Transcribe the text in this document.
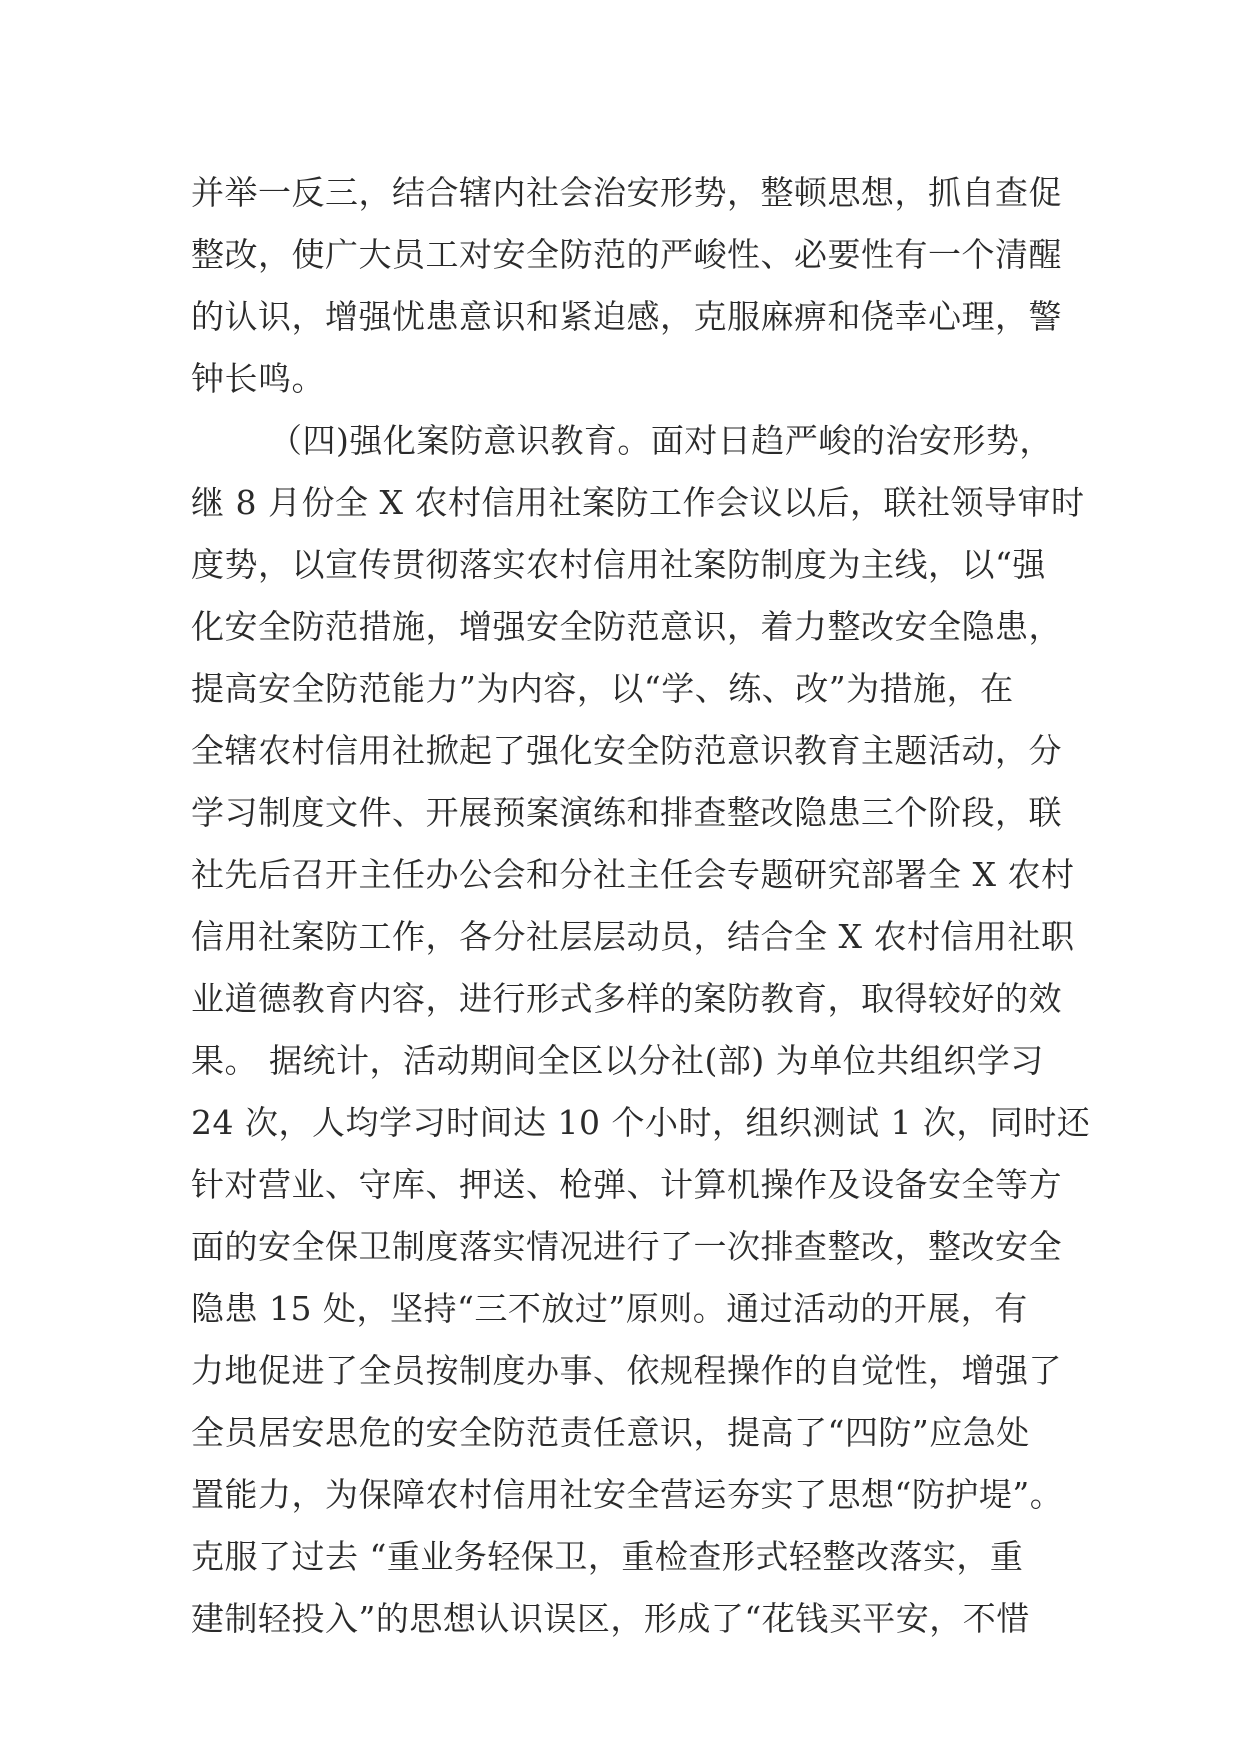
并举一反三，结合辖内社会治安形势，整顿思想，抓自查促
整改，使广大员工对安全防范的严峻性、必要性有一个清醒
的认识，增强忧患意识和紧迫感，克服麻痹和侥幸心理，警
钟长鸣。
（四)强化案防意识教育。面对日趋严峻的治安形势，
继 8 月份全 X 农村信用社案防工作会议以后，联社领导审时
度势，以宣传贯彻落实农村信用社案防制度为主线，以“强
化安全防范措施，增强安全防范意识，着力整改安全隐患，
提高安全防范能力”为内容，以“学、练、改”为措施，在
全辖农村信用社掀起了强化安全防范意识教育主题活动，分
学习制度文件、开展预案演练和排查整改隐患三个阶段，联
社先后召开主任办公会和分社主任会专题研究部署全 X 农村
信用社案防工作，各分社层层动员，结合全 X 农村信用社职
业道德教育内容，进行形式多样的案防教育，取得较好的效
果。 据统计，活动期间全区以分社(部) 为单位共组织学习
24 次，人均学习时间达 10 个小时，组织测试 1 次，同时还
针对营业、守库、押送、枪弹、计算机操作及设备安全等方
面的安全保卫制度落实情况进行了一次排查整改，整改安全
隐患 15 处，坚持“三不放过”原则。通过活动的开展，有
力地促进了全员按制度办事、依规程操作的自觉性，增强了
全员居安思危的安全防范责任意识，提高了“四防”应急处
置能力，为保障农村信用社安全营运夯实了思想“防护堤”。
克服了过去 “重业务轻保卫，重检查形式轻整改落实，重
建制轻投入”的思想认识误区，形成了“花钱买平安，不惜
